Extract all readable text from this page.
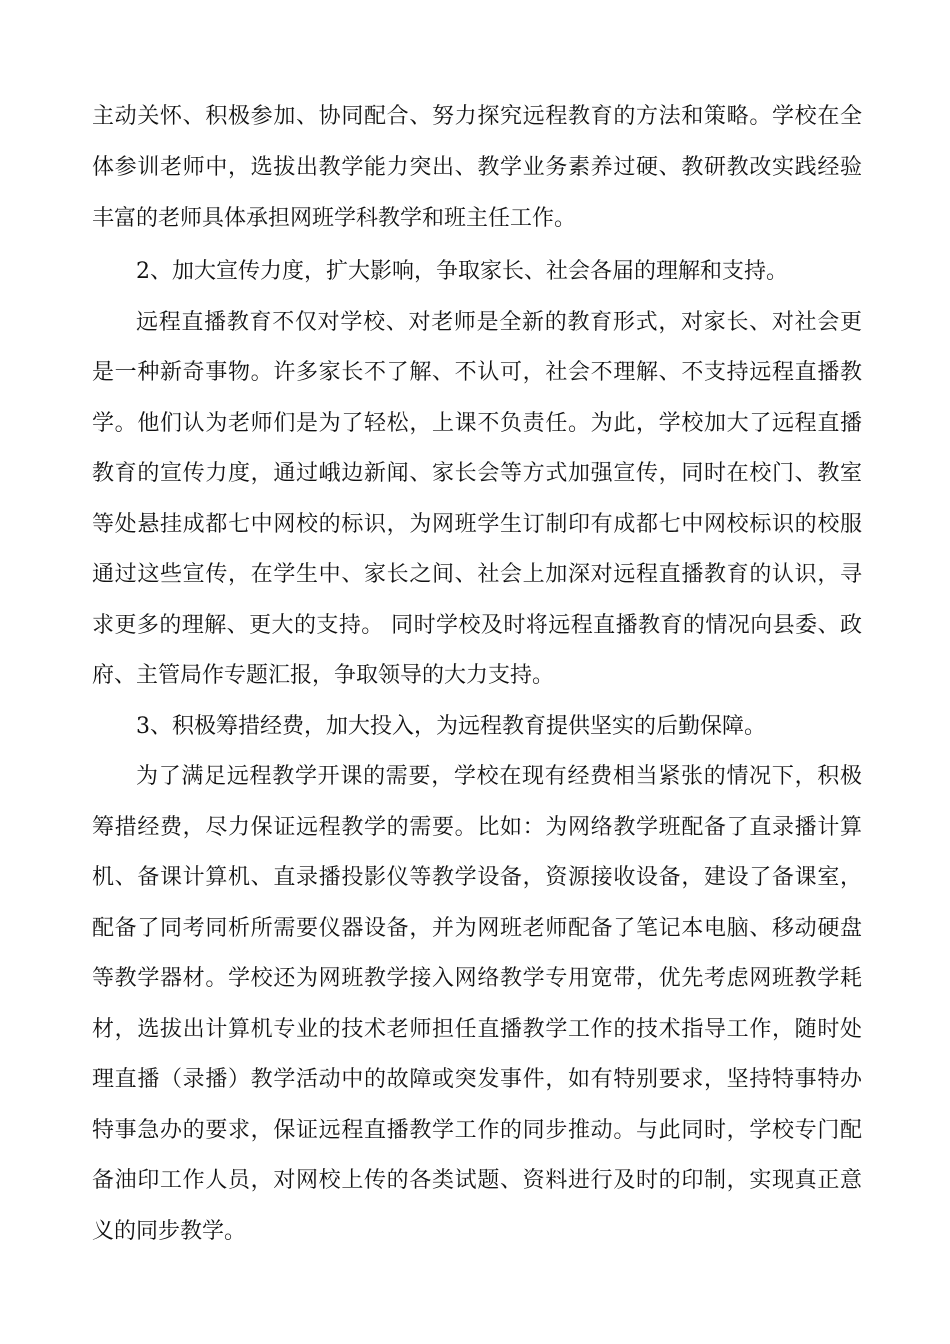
主动关怀、积极参加、协同配合、努力探究远程教育的方法和策略。学校在全
体参训老师中，选拔出教学能力突出、教学业务素养过硬、教研教改实践经验
丰富的老师具体承担网班学科教学和班主任工作。
2、加大宣传力度，扩大影响，争取家长、社会各届的理解和支持。
远程直播教育不仅对学校、对老师是全新的教育形式，对家长、对社会更
是一种新奇事物。许多家长不了解、不认可，社会不理解、不支持远程直播教
学。他们认为老师们是为了轻松，上课不负责任。为此，学校加大了远程直播
教育的宣传力度，通过峨边新闻、家长会等方式加强宣传，同时在校门、教室
等处悬挂成都七中网校的标识，为网班学生订制印有成都七中网校标识的校服
通过这些宣传，在学生中、家长之间、社会上加深对远程直播教育的认识，寻
求更多的理解、更大的支持。 同时学校及时将远程直播教育的情况向县委、政
府、主管局作专题汇报，争取领导的大力支持。
3、积极筹措经费，加大投入，为远程教育提供坚实的后勤保障。
为了满足远程教学开课的需要，学校在现有经费相当紧张的情况下，积极
筹措经费，尽力保证远程教学的需要。比如：为网络教学班配备了直录播计算
机、备课计算机、直录播投影仪等教学设备，资源接收设备，建设了备课室，
配备了同考同析所需要仪器设备，并为网班老师配备了笔记本电脑、移动硬盘
等教学器材。学校还为网班教学接入网络教学专用宽带，优先考虑网班教学耗
材，选拔出计算机专业的技术老师担任直播教学工作的技术指导工作，随时处
理直播（录播）教学活动中的故障或突发事件，如有特别要求，坚持特事特办
特事急办的要求，保证远程直播教学工作的同步推动。与此同时，学校专门配
备油印工作人员，对网校上传的各类试题、资料进行及时的印制，实现真正意
义的同步教学。
